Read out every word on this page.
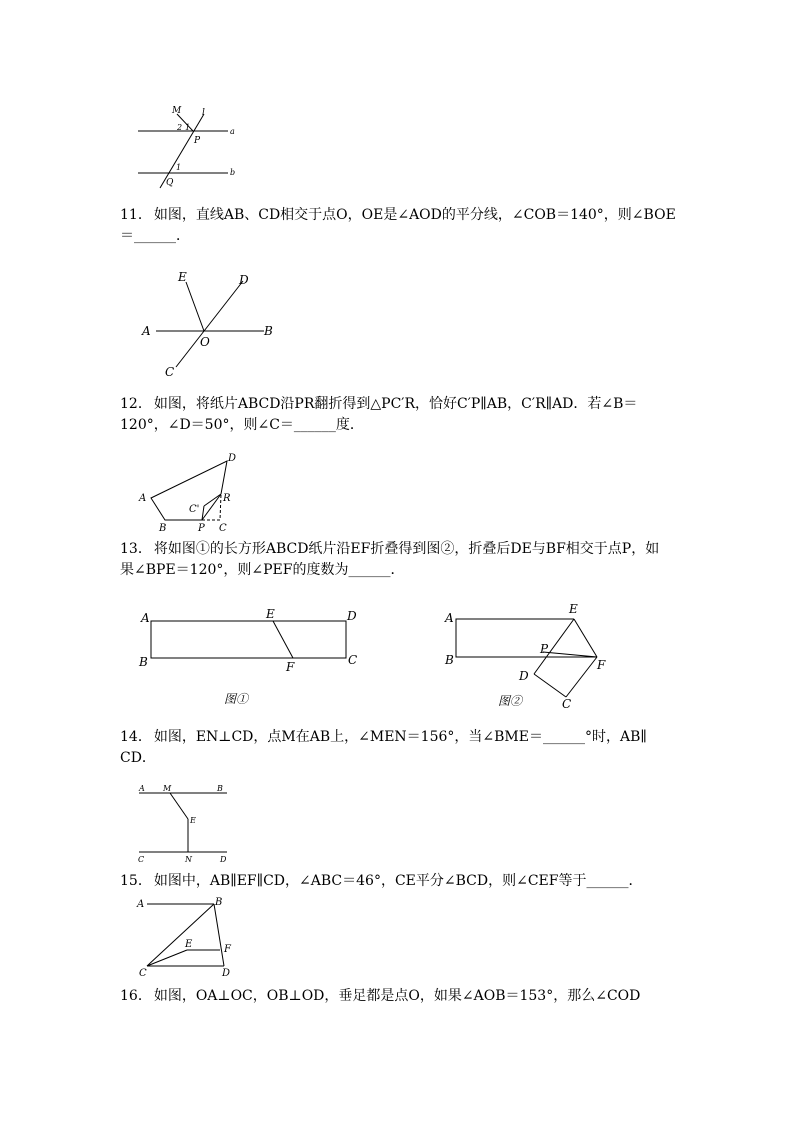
M l
a
b
P
Q
2 1
1

11． 如图，直线AB、CD相交于点O，OE是∠AOD的平分线，∠COB＝140°，则∠BOE
＝______．

A	B
C
D
E
O

12． 如图，将纸片ABCD沿PR翻折得到△PC′R，恰好C′P∥AB，C′R∥AD．若∠B＝
120°，∠D＝50°，则∠C＝______度．

A
B	C
D
P
R
C'

13． 将如图①的长方形ABCD纸片沿EF折叠得到图②，折叠后DE与BF相交于点P，如
果∠BPE＝120°，则∠PEF的度数为______．

A
B	C
D
E
F
图①
A
B
E
F
P
D
C
图②

14． 如图，EN⊥CD，点M在AB上，∠MEN＝156°，当∠BME＝______°时，AB∥
CD．

A M	B
E
C	N	D

15． 如图中，AB∥EF∥CD，∠ABC＝46°，CE平分∠BCD，则∠CEF等于______．

A	B
E	F
C	D

16． 如图，OA⊥OC，OB⊥OD，垂足都是点O，如果∠AOB＝153°，那么∠COD
